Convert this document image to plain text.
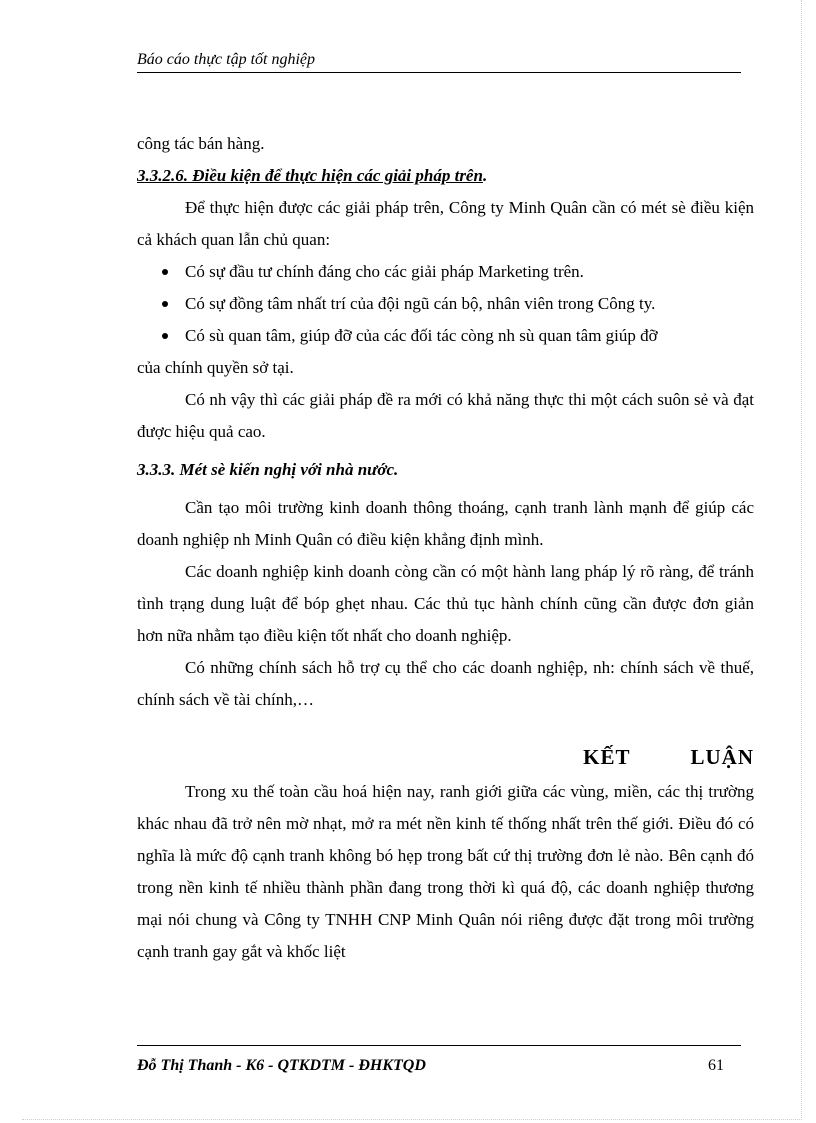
Báo cáo thực tập tốt nghiệp

công tác bán hàng.

3.3.2.6. Điều kiện để thực hiện các giải pháp trên.

Để thực hiện được các giải pháp trên, Công ty Minh Quân cần có mét sè điều kiện cả khách quan lẫn chủ quan:

Có sự đầu tư chính đáng cho các giải pháp Marketing trên.
Có sự đồng tâm nhất trí của đội ngũ cán bộ, nhân viên trong Công ty.
Có sù quan tâm, giúp đỡ của các đối tác còng nh sù quan tâm giúp đỡ

của chính quyền sở tại.

Có nh vậy thì các giải pháp đề ra mới có khả năng thực thi một cách suôn sẻ và đạt được hiệu quả cao.

3.3.3. Mét sè kiến nghị với nhà nước.

Cần tạo môi trường kinh doanh thông thoáng, cạnh tranh lành mạnh để giúp các doanh nghiệp nh Minh Quân có điều kiện khẳng định mình.

Các doanh nghiệp kinh doanh còng cần có một hành lang pháp lý rõ ràng, để tránh tình trạng dung luật để bóp ghẹt nhau. Các thủ tục hành chính cũng cần được đơn giản hơn nữa nhằm tạo điều kiện tốt nhất cho doanh nghiệp.

Có những chính sách hỗ trợ cụ thể cho các doanh nghiệp, nh: chính sách về thuế, chính sách về tài chính,…

KẾT	LUẬN

Trong xu thế toàn cầu hoá hiện nay, ranh giới giữa các vùng, miền, các thị trường khác nhau đã trở nên mờ nhạt, mở ra mét nền kinh tế thống nhất trên thế giới. Điều đó có nghĩa là mức độ cạnh tranh không bó hẹp trong bất cứ thị trường đơn lẻ nào. Bên cạnh đó trong nền kinh tế nhiều thành phần đang trong thời kì quá độ, các doanh nghiệp thương mại nói chung và Công ty TNHH CNP Minh Quân nói riêng được đặt trong môi trường cạnh tranh gay gắt và khốc liệt

Đỗ Thị Thanh - K6 - QTKDTM - ĐHKTQD	61
